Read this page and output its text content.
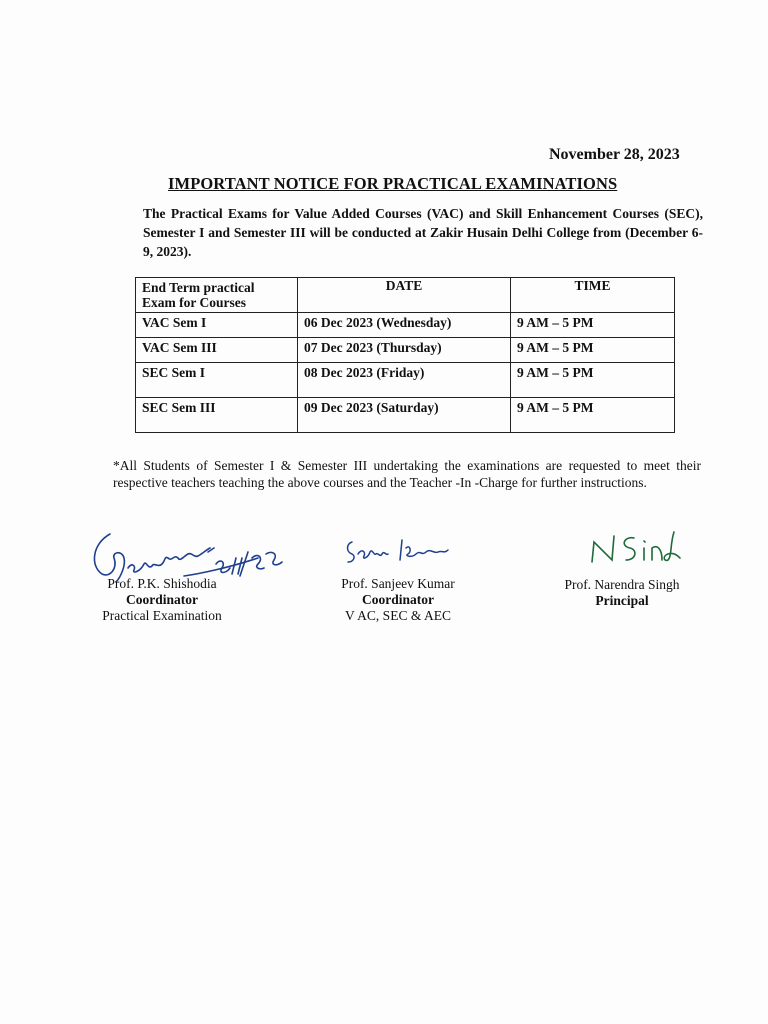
November 28, 2023
IMPORTANT NOTICE FOR PRACTICAL EXAMINATIONS
The Practical Exams for Value Added Courses (VAC) and Skill Enhancement Courses (SEC), Semester I and Semester III will be conducted at Zakir Husain Delhi College from (December 6- 9, 2023).
End Term practical Exam for Courses	DATE	TIME
VAC Sem I	06 Dec 2023 (Wednesday)	9 AM – 5 PM
VAC Sem III	07 Dec 2023 (Thursday)	9 AM – 5 PM
SEC Sem I	08 Dec 2023 (Friday)	9 AM – 5 PM
SEC Sem III	09 Dec 2023 (Saturday)	9 AM – 5 PM
*All Students of Semester I & Semester III undertaking the examinations are requested to meet their respective teachers teaching the above courses and the Teacher -In -Charge for further instructions.
Prof. P.K. Shishodia
Coordinator
Practical Examination
Prof. Sanjeev Kumar
Coordinator
V AC, SEC & AEC
Prof. Narendra Singh
Principal
